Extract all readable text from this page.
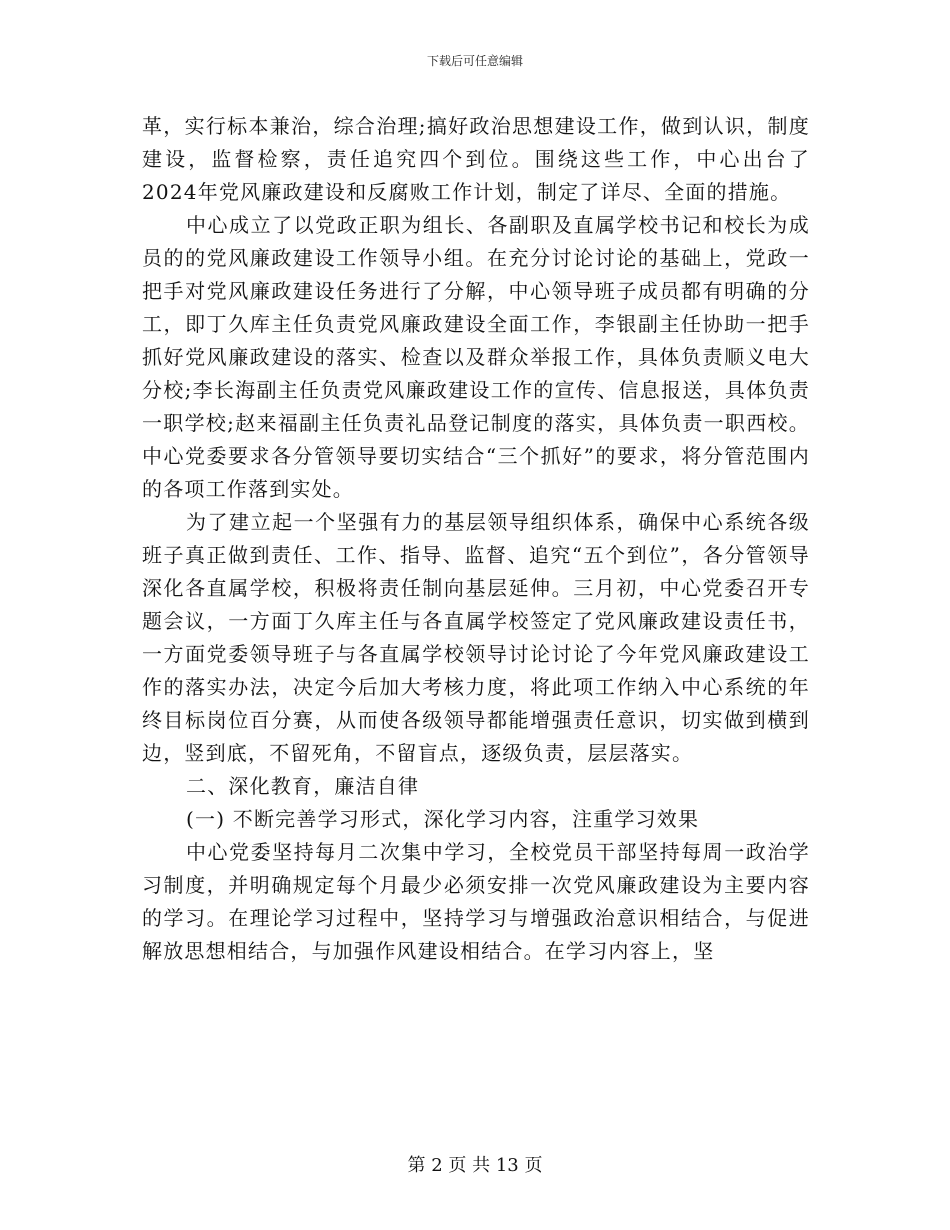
下载后可任意编辑

革，实行标本兼治，综合治理;搞好政治思想建设工作，做到认识，制度建设，监督检察，责任追究四个到位。围绕这些工作，中心出台了2024年党风廉政建设和反腐败工作计划，制定了详尽、全面的措施。

中心成立了以党政正职为组长、各副职及直属学校书记和校长为成员的的党风廉政建设工作领导小组。在充分讨论讨论的基础上，党政一把手对党风廉政建设任务进行了分解，中心领导班子成员都有明确的分工，即丁久库主任负责党风廉政建设全面工作，李银副主任协助一把手抓好党风廉政建设的落实、检查以及群众举报工作，具体负责顺义电大分校;李长海副主任负责党风廉政建设工作的宣传、信息报送，具体负责一职学校;赵来福副主任负责礼品登记制度的落实，具体负责一职西校。中心党委要求各分管领导要切实结合“三个抓好”的要求，将分管范围内的各项工作落到实处。

为了建立起一个坚强有力的基层领导组织体系，确保中心系统各级班子真正做到责任、工作、指导、监督、追究“五个到位”，各分管领导深化各直属学校，积极将责任制向基层延伸。三月初，中心党委召开专题会议，一方面丁久库主任与各直属学校签定了党风廉政建设责任书，一方面党委领导班子与各直属学校领导讨论讨论了今年党风廉政建设工作的落实办法，决定今后加大考核力度，将此项工作纳入中心系统的年终目标岗位百分赛，从而使各级领导都能增强责任意识，切实做到横到边，竖到底，不留死角，不留盲点，逐级负责，层层落实。

二、深化教育，廉洁自律

(一) 不断完善学习形式，深化学习内容，注重学习效果

中心党委坚持每月二次集中学习，全校党员干部坚持每周一政治学习制度，并明确规定每个月最少必须安排一次党风廉政建设为主要内容的学习。在理论学习过程中，坚持学习与增强政治意识相结合，与促进解放思想相结合，与加强作风建设相结合。在学习内容上，坚

第 2 页 共 13 页
